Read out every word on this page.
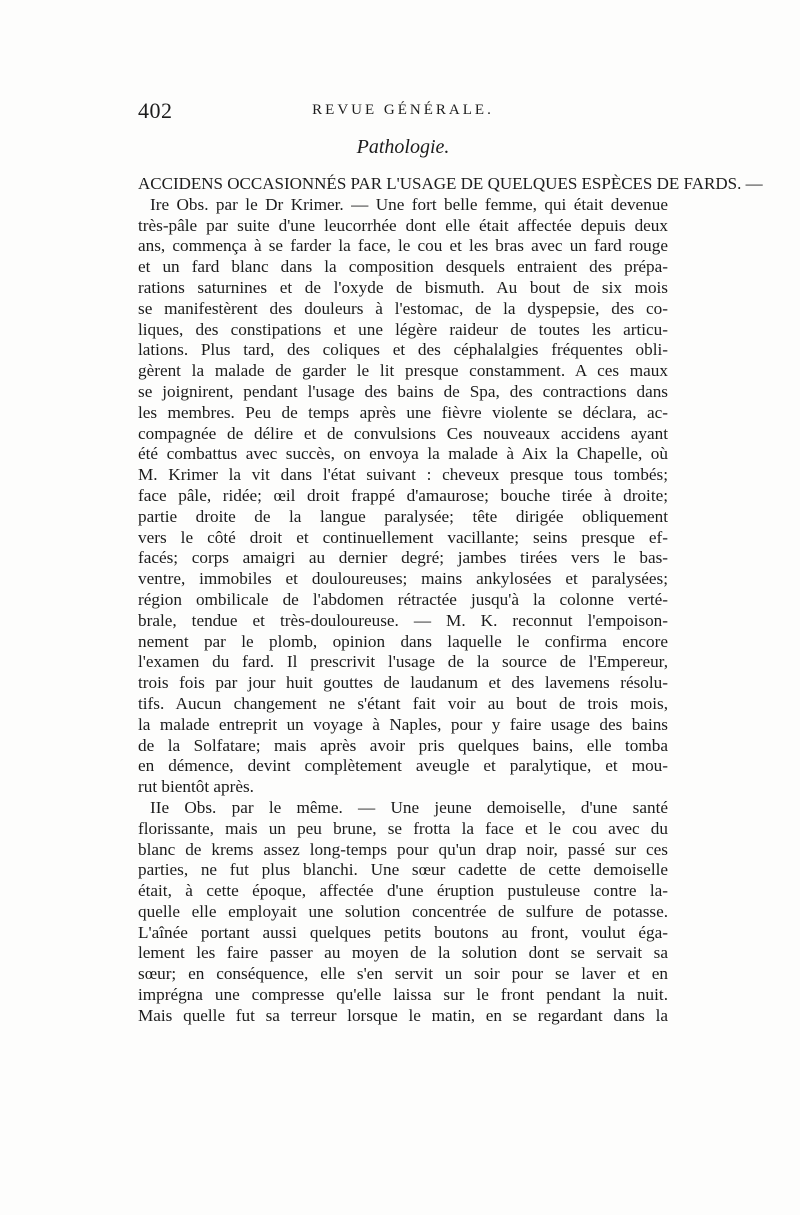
402	REVUE GÉNÉRALE.
Pathologie.
ACCIDENS OCCASIONNÉS PAR L'USAGE DE QUELQUES ESPÈCES DE FARDS. —
Ire Obs. par le Dr Krimer. — Une fort belle femme, qui était devenue
très-pâle par suite d'une leucorrhée dont elle était affectée depuis deux
ans, commença à se farder la face, le cou et les bras avec un fard rouge
et un fard blanc dans la composition desquels entraient des prépa-
rations saturnines et de l'oxyde de bismuth. Au bout de six mois
se manifestèrent des douleurs à l'estomac, de la dyspepsie, des co-
liques, des constipations et une légère raideur de toutes les articu-
lations. Plus tard, des coliques et des céphalalgies fréquentes obli-
gèrent la malade de garder le lit presque constamment. A ces maux
se joignirent, pendant l'usage des bains de Spa, des contractions dans
les membres. Peu de temps après une fièvre violente se déclara, ac-
compagnée de délire et de convulsions Ces nouveaux accidens ayant
été combattus avec succès, on envoya la malade à Aix la Chapelle, où
M. Krimer la vit dans l'état suivant : cheveux presque tous tombés;
face pâle, ridée; œil droit frappé d'amaurose; bouche tirée à droite;
partie droite de la langue paralysée; tête dirigée obliquement
vers le côté droit et continuellement vacillante; seins presque ef-
facés; corps amaigri au dernier degré; jambes tirées vers le bas-
ventre, immobiles et douloureuses; mains ankylosées et paralysées;
région ombilicale de l'abdomen rétractée jusqu'à la colonne verté-
brale, tendue et très-douloureuse. — M. K. reconnut l'empoison-
nement par le plomb, opinion dans laquelle le confirma encore
l'examen du fard. Il prescrivit l'usage de la source de l'Empereur,
trois fois par jour huit gouttes de laudanum et des lavemens résolu-
tifs. Aucun changement ne s'étant fait voir au bout de trois mois,
la malade entreprit un voyage à Naples, pour y faire usage des bains
de la Solfatare; mais après avoir pris quelques bains, elle tomba
en démence, devint complètement aveugle et paralytique, et mou-
rut bientôt après.
IIe Obs. par le même. — Une jeune demoiselle, d'une santé
florissante, mais un peu brune, se frotta la face et le cou avec du
blanc de krems assez long-temps pour qu'un drap noir, passé sur ces
parties, ne fut plus blanchi. Une sœur cadette de cette demoiselle
était, à cette époque, affectée d'une éruption pustuleuse contre la-
quelle elle employait une solution concentrée de sulfure de potasse.
L'aînée portant aussi quelques petits boutons au front, voulut éga-
lement les faire passer au moyen de la solution dont se servait sa
sœur; en conséquence, elle s'en servit un soir pour se laver et en
imprégna une compresse qu'elle laissa sur le front pendant la nuit.
Mais quelle fut sa terreur lorsque le matin, en se regardant dans la
